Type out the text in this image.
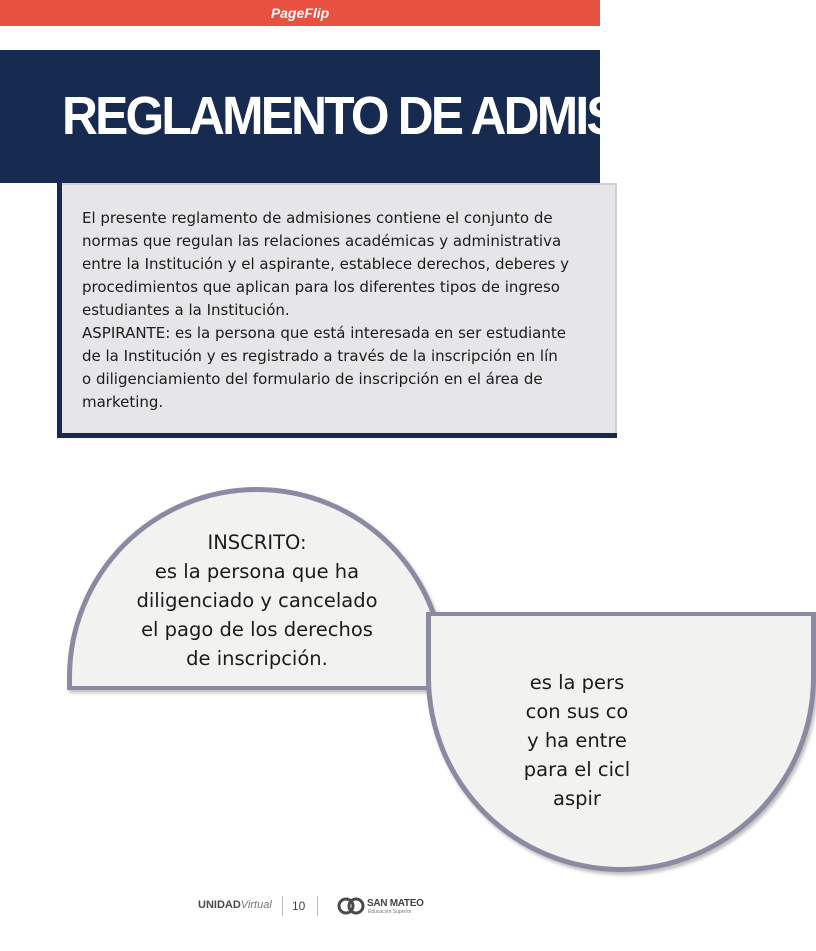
PageFlip
REGLAMENTO DE ADMIS

El presente reglamento de admisiones contiene el conjunto de
normas que regulan las relaciones académicas y administrativa
entre la Institución y el aspirante, establece derechos, deberes y
procedimientos que aplican para los diferentes tipos de ingreso
estudiantes a la Institución.
ASPIRANTE: es la persona que está interesada en ser estudiante
de la Institución y es registrado a través de la inscripción en lín
o diligenciamiento del formulario de inscripción en el área de
marketing.

INSCRITO:
es la persona que ha
diligenciado y cancelado
el pago de los derechos
de inscripción.

es la pers
con sus co
y ha entre
para el cicl
aspir

UNIDADVirtual 10	SAN MATEO
Educación Superior
